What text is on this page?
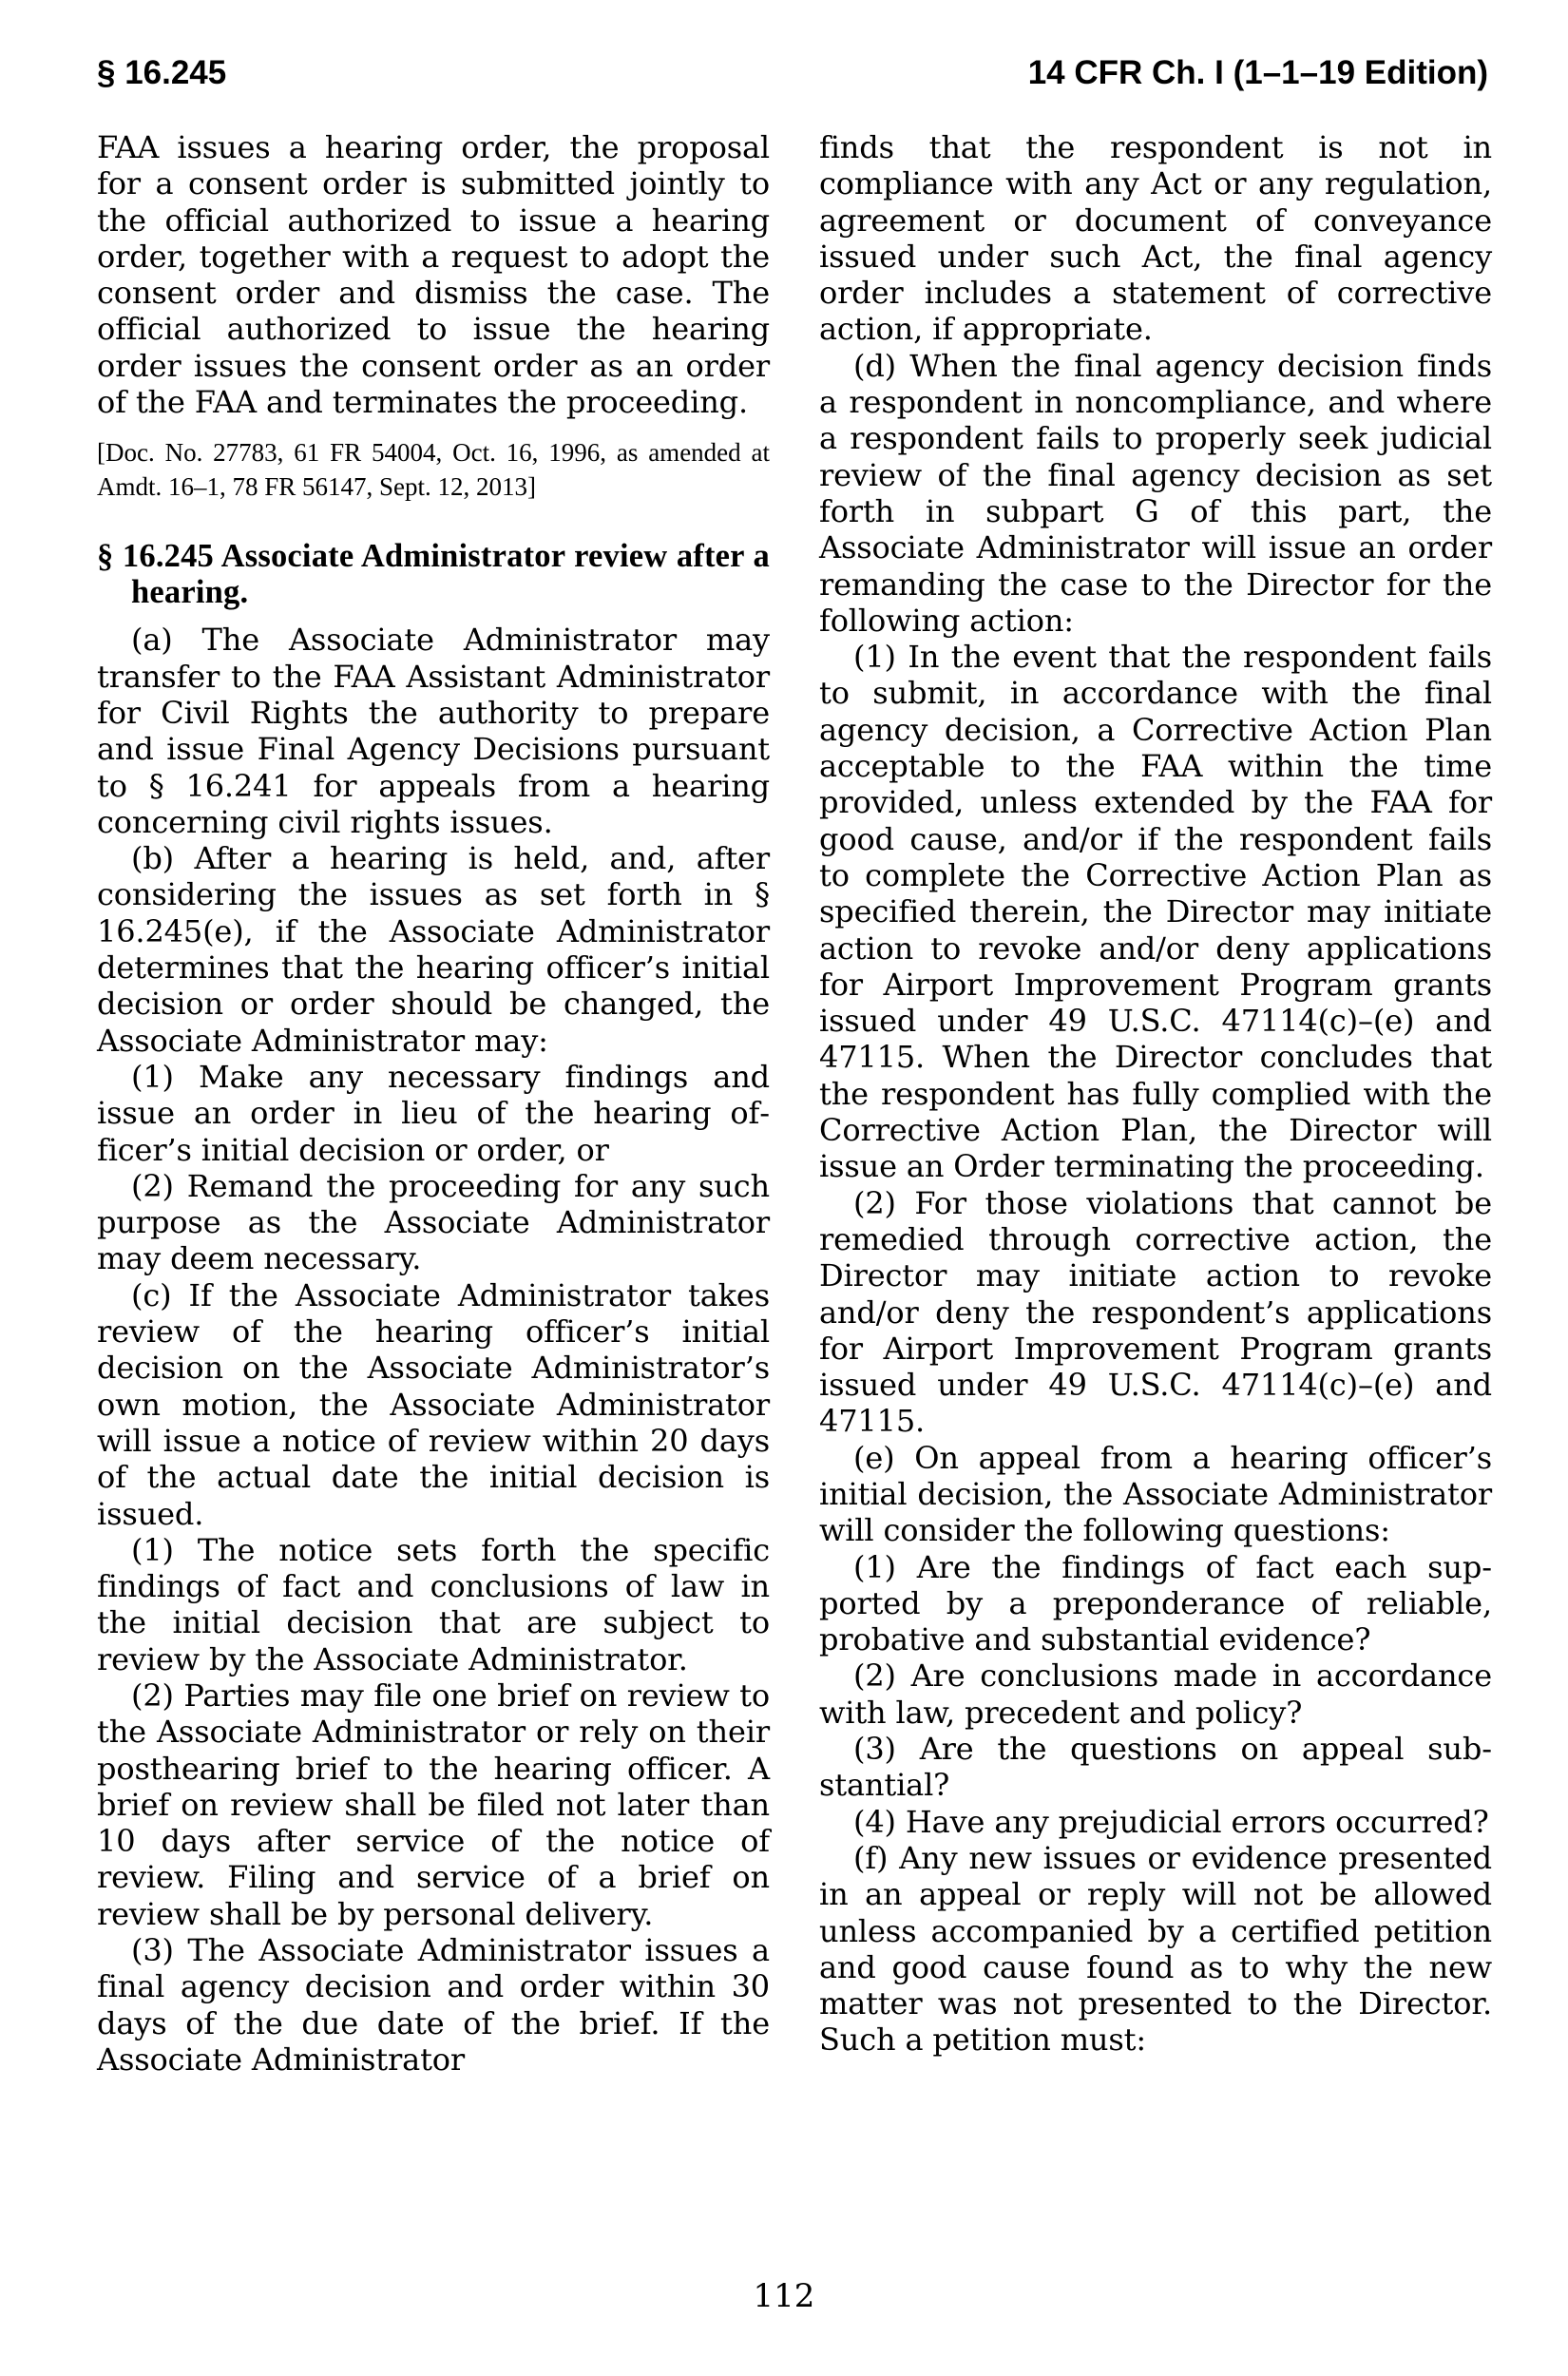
§ 16.245	14 CFR Ch. I (1–1–19 Edition)

FAA issues a hearing order, the proposal for a consent order is submitted jointly to the official authorized to issue a hearing order, together with a request to adopt the consent order and dismiss the case. The official authorized to issue the hearing order issues the consent order as an order of the FAA and terminates the proceeding.

[Doc. No. 27783, 61 FR 54004, Oct. 16, 1996, as amended at Amdt. 16–1, 78 FR 56147, Sept. 12, 2013]

§ 16.245 Associate Administrator review after a hearing.

(a) The Associate Administrator may transfer to the FAA Assistant Administrator for Civil Rights the authority to prepare and issue Final Agency Decisions pursuant to § 16.241 for appeals from a hearing concerning civil rights issues.

(b) After a hearing is held, and, after considering the issues as set forth in § 16.245(e), if the Associate Administrator determines that the hearing officer’s initial decision or order should be changed, the Associate Administrator may:

(1) Make any necessary findings and issue an order in lieu of the hearing officer’s initial decision or order, or

(2) Remand the proceeding for any such purpose as the Associate Administrator may deem necessary.

(c) If the Associate Administrator takes review of the hearing officer’s initial decision on the Associate Administrator’s own motion, the Associate Administrator will issue a notice of review within 20 days of the actual date the initial decision is issued.

(1) The notice sets forth the specific findings of fact and conclusions of law in the initial decision that are subject to review by the Associate Administrator.

(2) Parties may file one brief on review to the Associate Administrator or rely on their posthearing brief to the hearing officer. A brief on review shall be filed not later than 10 days after service of the notice of review. Filing and service of a brief on review shall be by personal delivery.

(3) The Associate Administrator issues a final agency decision and order within 30 days of the due date of the brief. If the Associate Administrator

finds that the respondent is not in compliance with any Act or any regulation, agreement or document of conveyance issued under such Act, the final agency order includes a statement of corrective action, if appropriate.

(d) When the final agency decision finds a respondent in noncompliance, and where a respondent fails to properly seek judicial review of the final agency decision as set forth in subpart G of this part, the Associate Administrator will issue an order remanding the case to the Director for the following action:

(1) In the event that the respondent fails to submit, in accordance with the final agency decision, a Corrective Action Plan acceptable to the FAA within the time provided, unless extended by the FAA for good cause, and/or if the respondent fails to complete the Corrective Action Plan as specified therein, the Director may initiate action to revoke and/or deny applications for Airport Improvement Program grants issued under 49 U.S.C. 47114(c)–(e) and 47115. When the Director concludes that the respondent has fully complied with the Corrective Action Plan, the Director will issue an Order terminating the proceeding.

(2) For those violations that cannot be remedied through corrective action, the Director may initiate action to revoke and/or deny the respondent’s applications for Airport Improvement Program grants issued under 49 U.S.C. 47114(c)–(e) and 47115.

(e) On appeal from a hearing officer’s initial decision, the Associate Administrator will consider the following questions:

(1) Are the findings of fact each supported by a preponderance of reliable, probative and substantial evidence?

(2) Are conclusions made in accordance with law, precedent and policy?

(3) Are the questions on appeal substantial?

(4) Have any prejudicial errors occurred?

(f) Any new issues or evidence presented in an appeal or reply will not be allowed unless accompanied by a certified petition and good cause found as to why the new matter was not presented to the Director. Such a petition must:

112
